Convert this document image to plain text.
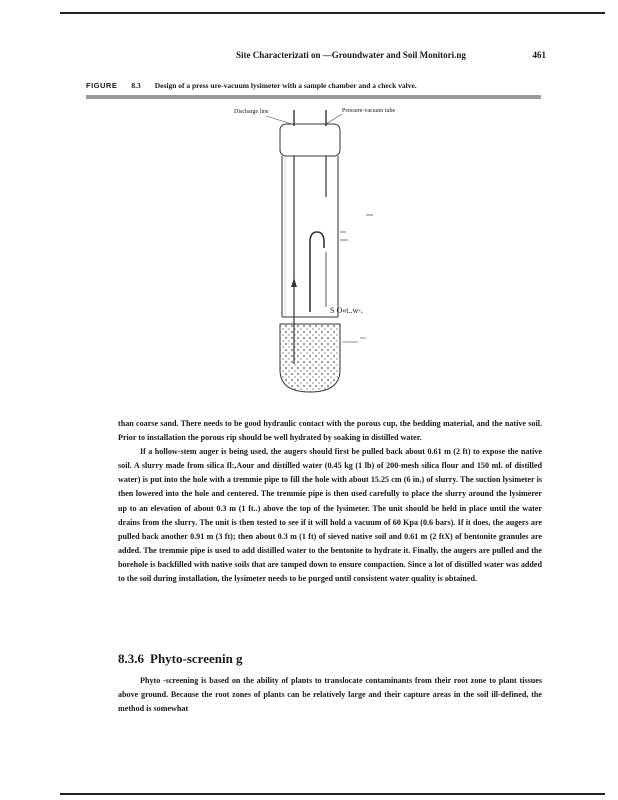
Site Characterizati on —Groundwater and Soil Monitori.ng	461
FIGURE 8.3 Design of a press ure-vacuum lysimeter with a sample chamber and a check valve.
Discharge line	Pressure-vacuum tube
S O«t..w-.

than coarse sand. There needs to be good hydraulic contact with the porous cup, the bedding material, and the native soil. Prior to installation the porous rip should be well hydrated by soaking in distilled water.

If a hollow-stem auger is being used, the augers should first be pulled back about 0.61 m (2 ft) to expose the native soil. A slurry made from silica fl:,Aour and distilled water (0.45 kg (1 lb) of 200-mesh silica flour and 150 ml. of distilled water) is put into the hole with a tremmie pipe to fill the hole with about 15.25 cm (6 in.) of slurry. The suction lysimeter is then lowered into the hole and centered. The tremmie pipe is then used carefully to place the slurry around the lysimerer up to an elevation of about 0.3 m (1 ft..) above the top of the lysimeter. The unit should be held in place until the water drains from the slurry. The unit is then tested to see if it will hold a vacuum of 60 Kpa (0.6 bars). If it does, the augers are pulled back another 0.91 m (3 ft); then about 0.3 m (1 ft) of sieved native soil and 0.61 m (2 ftX) of bentonite granules are added. The tremmie pipe is used to add distilled water to the bentonite to hydrate it. Finally, the augers are pulled and the borehole is backfilled with native soils that are tamped down to ensure compaction. Since a lot of distilled water was added to the soil during installation, the lysimeter needs to be purged until consistent water quality is obtained.

8.3.6 Phyto-screenin g

Phyto -screening is based on the ability of plants to translocate contaminants from their root zone to plant tissues above ground. Because the root zones of plants can be relatively large and their capture areas in the soil ill-defined, the method is somewhat
